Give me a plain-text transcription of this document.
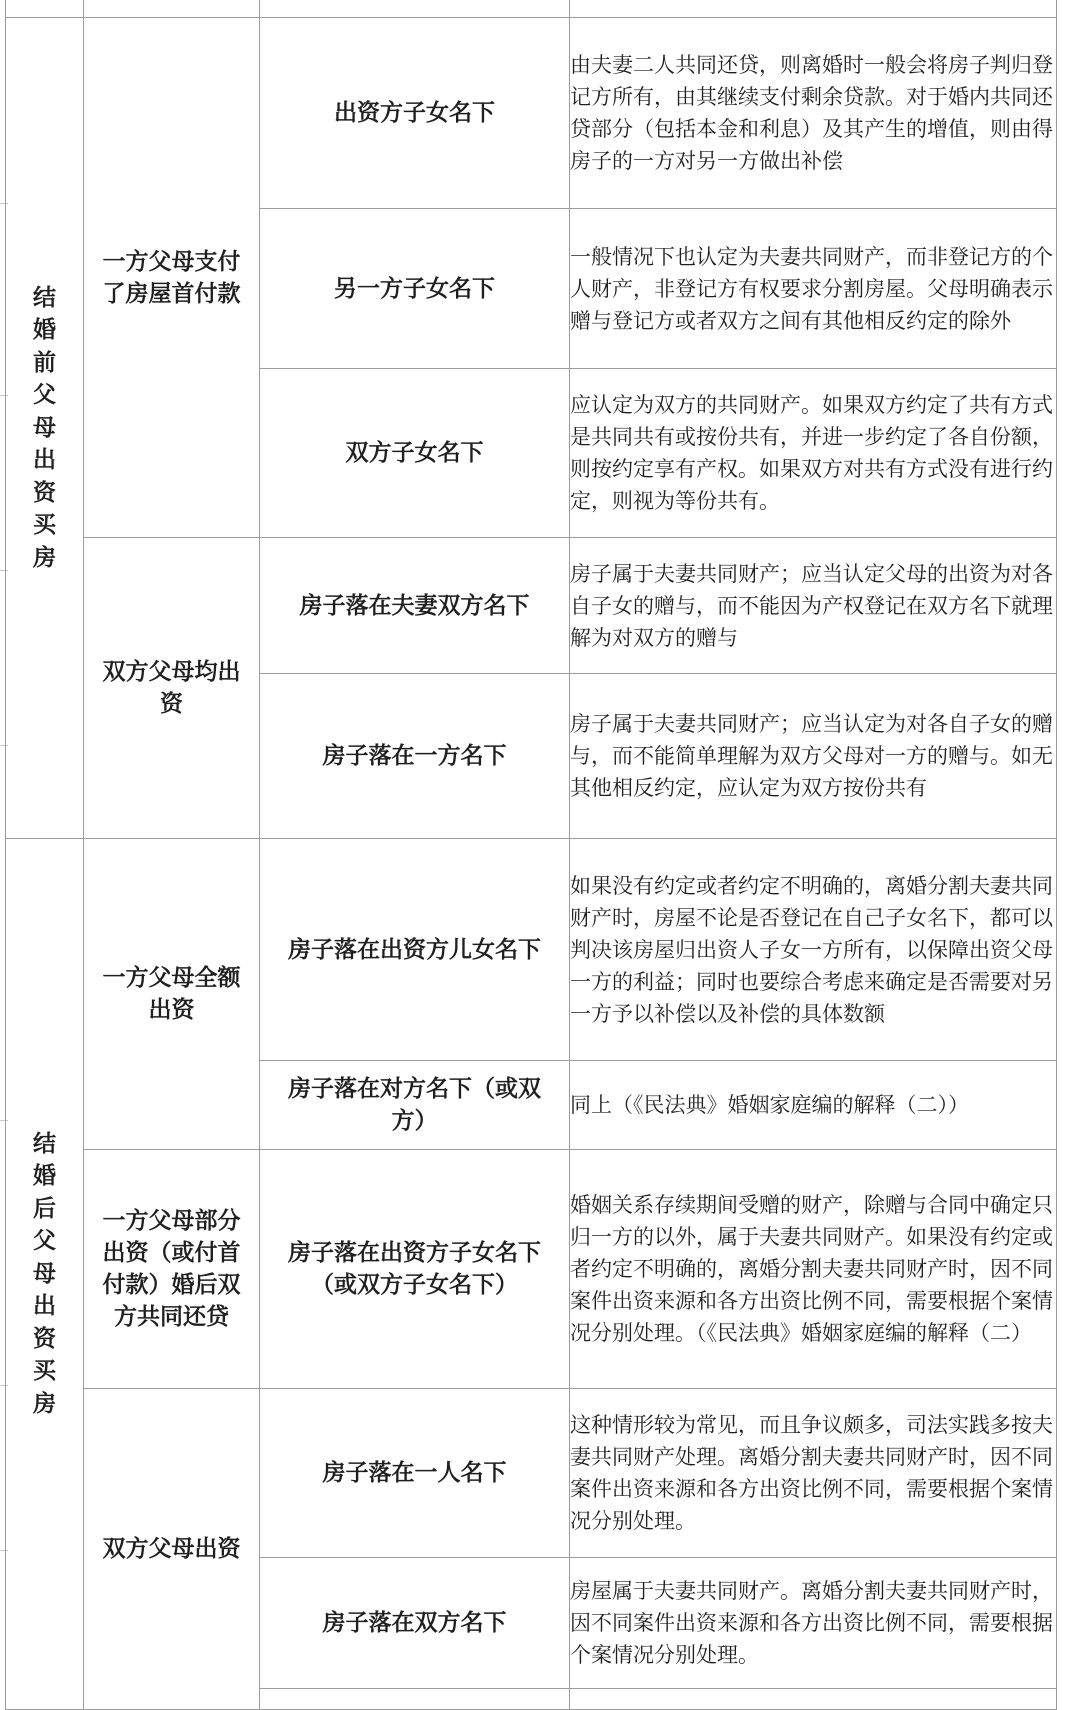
结婚前父母出资买房	一方父母支付了房屋首付款	出资方子女名下	由夫妻二人共同还贷，则离婚时一般会将房子判归登记方所有，由其继续支付剩余贷款。对于婚内共同还贷部分（包括本金和利息）及其产生的增值，则由得房子的一方对另一方做出补偿
		另一方子女名下	一般情况下也认定为夫妻共同财产，而非登记方的个人财产，非登记方有权要求分割房屋。父母明确表示赠与登记方或者双方之间有其他相反约定的除外
		双方子女名下	应认定为双方的共同财产。如果双方约定了共有方式是共同共有或按份共有，并进一步约定了各自份额，则按约定享有产权。如果双方对共有方式没有进行约定，则视为等份共有。
	双方父母均出资	房子落在夫妻双方名下	房子属于夫妻共同财产；应当认定父母的出资为对各自子女的赠与，而不能因为产权登记在双方名下就理解为对双方的赠与
		房子落在一方名下	房子属于夫妻共同财产；应当认定为对各自子女的赠与，而不能简单理解为双方父母对一方的赠与。如无其他相反约定，应认定为双方按份共有
结婚后父母出资买房	一方父母全额出资	房子落在出资方儿女名下	如果没有约定或者约定不明确的，离婚分割夫妻共同财产时，房屋不论是否登记在自己子女名下，都可以判决该房屋归出资人子女一方所有，以保障出资父母一方的利益；同时也要综合考虑来确定是否需要对另一方予以补偿以及补偿的具体数额
		房子落在对方名下（或双方）	同上（《民法典》婚姻家庭编的解释（二））
	一方父母部分出资（或付首付款）婚后双方共同还贷	房子落在出资方子女名下（或双方子女名下）	婚姻关系存续期间受赠的财产，除赠与合同中确定只归一方的以外，属于夫妻共同财产。如果没有约定或者约定不明确的，离婚分割夫妻共同财产时，因不同案件出资来源和各方出资比例不同，需要根据个案情况分别处理。（《民法典》婚姻家庭编的解释（二）
	双方父母出资	房子落在一人名下	这种情形较为常见，而且争议颇多，司法实践多按夫妻共同财产处理。离婚分割夫妻共同财产时，因不同案件出资来源和各方出资比例不同，需要根据个案情况分别处理。
		房子落在双方名下	房屋属于夫妻共同财产。离婚分割夫妻共同财产时，因不同案件出资来源和各方出资比例不同，需要根据个案情况分别处理。
